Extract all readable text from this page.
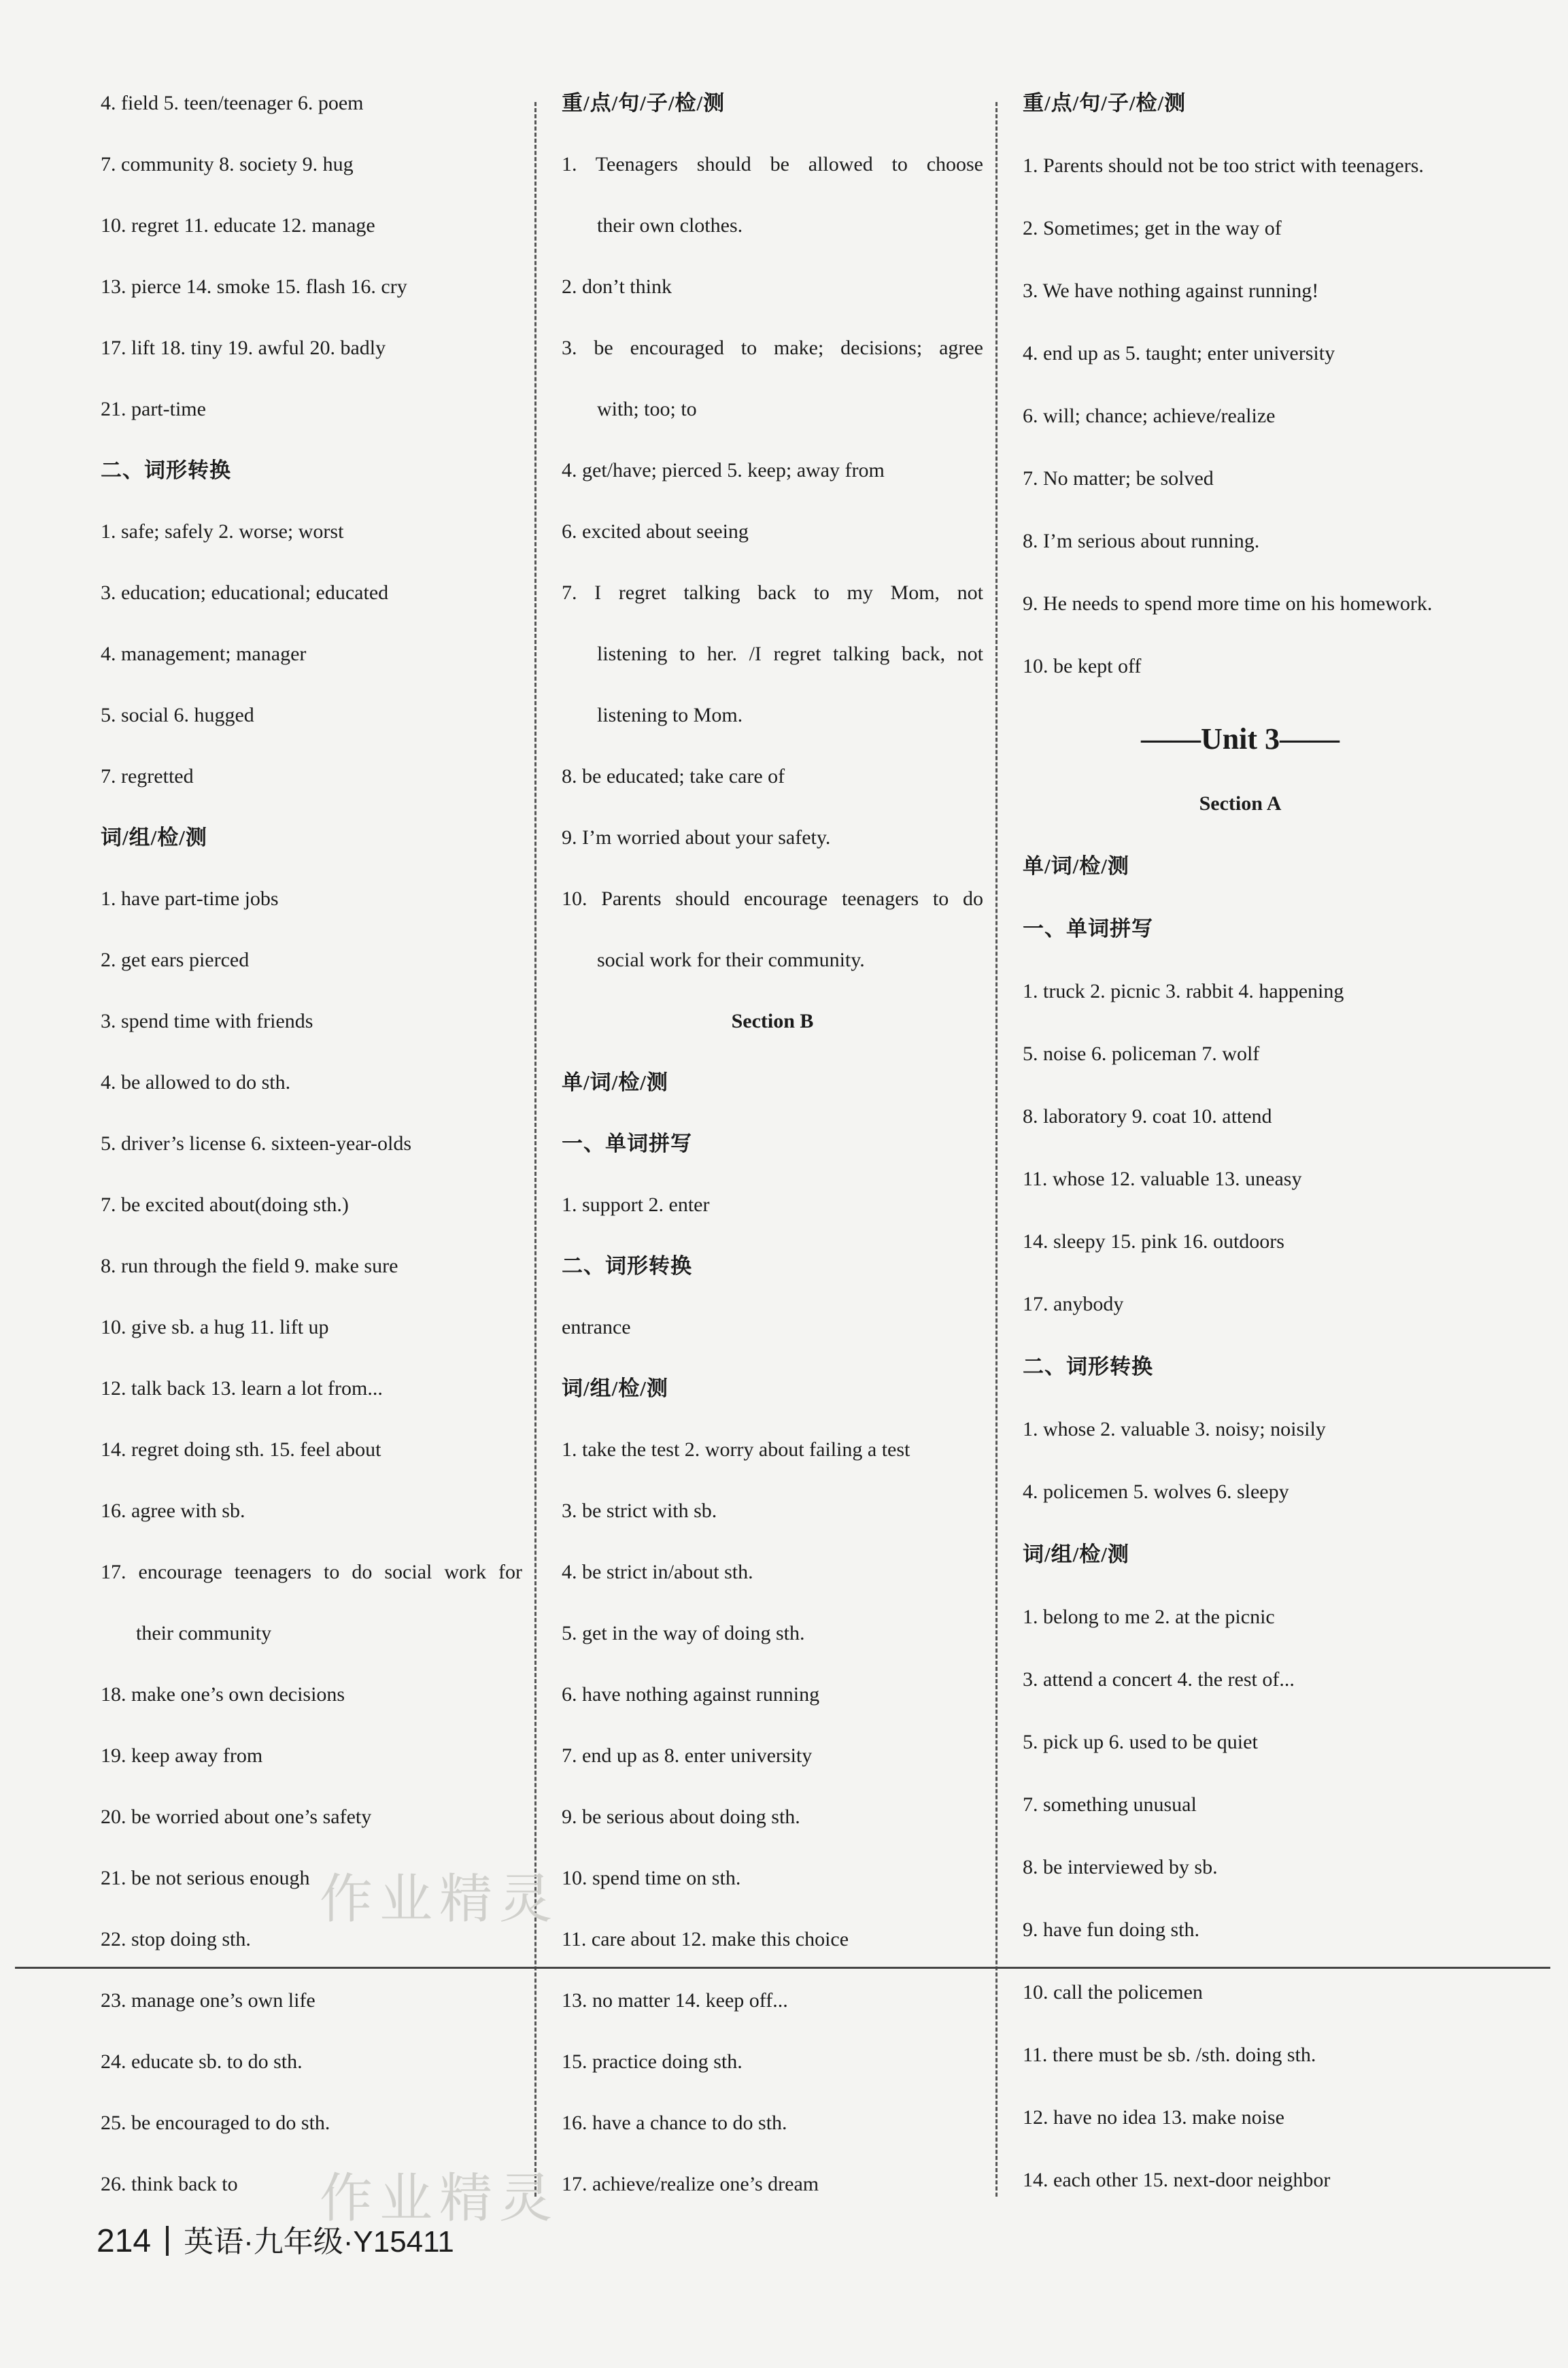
4. field 5. teen/teenager 6. poem
7. community 8. society 9. hug
10. regret 11. educate 12. manage
13. pierce 14. smoke 15. flash 16. cry
17. lift 18. tiny 19. awful 20. badly
21. part-time
二、词形转换
1. safe; safely 2. worse; worst
3. education; educational; educated
4. management; manager
5. social 6. hugged
7. regretted
词/组/检/测
1. have part-time jobs
2. get ears pierced
3. spend time with friends
4. be allowed to do sth.
5. driver’s license 6. sixteen-year-olds
7. be excited about(doing sth.)
8. run through the field 9. make sure
10. give sb. a hug 11. lift up
12. talk back 13. learn a lot from...
14. regret doing sth. 15. feel about
16. agree with sb.
17. encourage teenagers to do social work for
their community
18. make one’s own decisions
19. keep away from
20. be worried about one’s safety
21. be not serious enough
22. stop doing sth.
23. manage one’s own life
24. educate sb. to do sth.
25. be encouraged to do sth.
26. think back to
重/点/句/子/检/测
1. Teenagers should be allowed to choose
their own clothes.
2. don’t think
3. be encouraged to make; decisions; agree
with; too; to
4. get/have; pierced 5. keep; away from
6. excited about seeing
7. I regret talking back to my Mom, not
listening to her. /I regret talking back, not
listening to Mom.
8. be educated; take care of
9. I’m worried about your safety.
10. Parents should encourage teenagers to do
social work for their community.
Section B
单/词/检/测
一、单词拼写
1. support 2. enter
二、词形转换
entrance
词/组/检/测
1. take the test 2. worry about failing a test
3. be strict with sb.
4. be strict in/about sth.
5. get in the way of doing sth.
6. have nothing against running
7. end up as 8. enter university
9. be serious about doing sth.
10. spend time on sth.
11. care about 12. make this choice
13. no matter 14. keep off...
15. practice doing sth.
16. have a chance to do sth.
17. achieve/realize one’s dream
重/点/句/子/检/测
1. Parents should not be too strict with teenagers.
2. Sometimes; get in the way of
3. We have nothing against running!
4. end up as 5. taught; enter university
6. will; chance; achieve/realize
7. No matter; be solved
8. I’m serious about running.
9. He needs to spend more time on his homework.
10. be kept off
——Unit 3——
Section A
单/词/检/测
一、单词拼写
1. truck 2. picnic 3. rabbit 4. happening
5. noise 6. policeman 7. wolf
8. laboratory 9. coat 10. attend
11. whose 12. valuable 13. uneasy
14. sleepy 15. pink 16. outdoors
17. anybody
二、词形转换
1. whose 2. valuable 3. noisy; noisily
4. policemen 5. wolves 6. sleepy
词/组/检/测
1. belong to me 2. at the picnic
3. attend a concert 4. the rest of...
5. pick up 6. used to be quiet
7. something unusual
8. be interviewed by sb.
9. have fun doing sth.
10. call the policemen
11. there must be sb. /sth. doing sth.
12. have no idea 13. make noise
14. each other 15. next-door neighbor
作业精灵
作业精灵
214 英语·九年级·Y15411
